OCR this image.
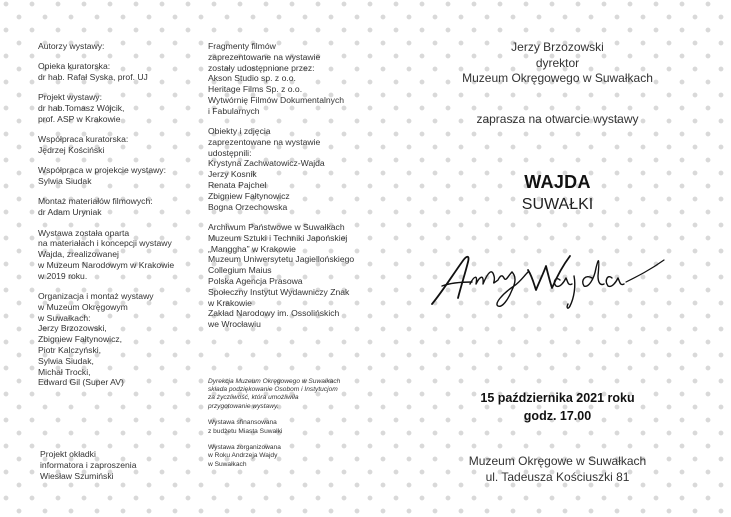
Autorzy wystawy:

Opieka kuratorska:
dr hab. Rafał Syska, prof. UJ

Projekt wystawy:
dr hab.Tomasz Wójcik,
prof. ASP w Krakowie

Współpraca kuratorska:
Jędrzej Kościński

Współpraca w projekcie wystawy:
Sylwia Siudak

Montaż materiałów filmowych:
dr Adam Uryniak

Wystawa została oparta
na materiałach i koncepcji wystawy
Wajda, zrealizowanej
w Muzeum Narodowym w Krakowie
w 2019 roku.

Organizacja i montaż wystawy
w Muzeum Okręgowym
w Suwałkach:
Jerzy Brzozowski,
Zbigniew Fałtynowicz,
Piotr Kalczyński,
Sylwia Siudak,
Michał Trocki,
Edward Gil (Super AV)

Projekt okładki
informatora i zaproszenia
Wiesław Szumiński

Fragmenty filmów
zaprezentowane na wystawie
zostały udostępnione przez:
Akson Studio sp. z o.o.
Heritage Films Sp. z o.o.
Wytwórnię Filmów Dokumentalnych
i Fabularnych

Obiekty i zdjęcia
zaprezentowane na wystawie
udostępnili:
Krystyna Zachwatowicz-Wajda
Jerzy Kosnik
Renata Pajchel
Zbigniew Fałtynowicz
Bogna Orzechowska

Archiwum Państwowe w Suwałkach
Muzeum Sztuki i Techniki Japońskiej
„Manggha” w Krakowie
Muzeum Uniwersytetu Jagiellońskiego
Collegium Maius
Polska Agencja Prasowa
Społeczny Instytut Wydawniczy Znak
w Krakowie
Zakład Narodowy im. Ossolińskich
we Wrocławiu

Dyrekcja Muzeum Okręgowego w Suwałkach
składa podziękowanie Osobom i Instytucjom
za życzliwość, która umożliwiła
przygotowanie wystawy.

Wystawa sfinansowana
z budżetu Miasta Suwałki

Wystawa zorganizowana
w Roku Andrzeja Wajdy
w Suwałkach

Jerzy Brzozowski
dyrektor
Muzeum Okręgowego w Suwałkach
zaprasza na otwarcie wystawy
WAJDA
SUWAŁKI
15 października 2021 roku
godz. 17.00
Muzeum Okręgowe w Suwałkach
ul. Tadeusza Kościuszki 81
